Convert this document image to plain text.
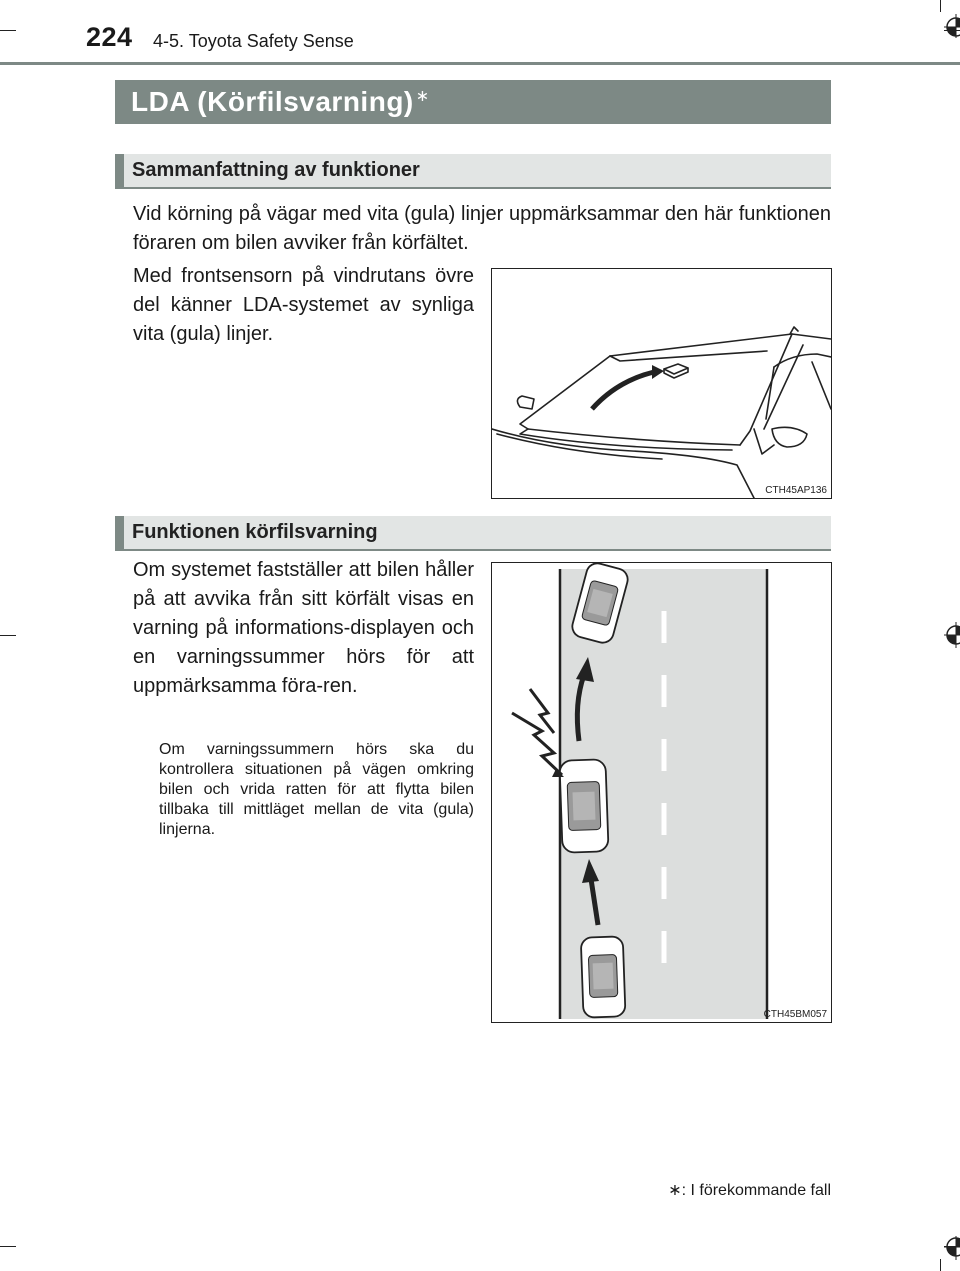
224 4-5. Toyota Safety Sense
LDA (Körfilsvarning) ∗
Sammanfattning av funktioner
Vid körning på vägar med vita (gula) linjer uppmärksammar den här funktionen föraren om bilen avviker från körfältet.
Med frontsensorn på vindrutans övre del känner LDA-systemet av synliga vita (gula) linjer.
CTH45AP136
Funktionen körfilsvarning
Om systemet fastställer att bilen håller på att avvika från sitt körfält visas en varning på informations-displayen och en varningssummer hörs för att uppmärksamma föra-ren.
Om varningssummern hörs ska du kontrollera situationen på vägen omkring bilen och vrida ratten för att flytta bilen tillbaka till mittläget mellan de vita (gula) linjerna.
CTH45BM057
∗: I förekommande fall
